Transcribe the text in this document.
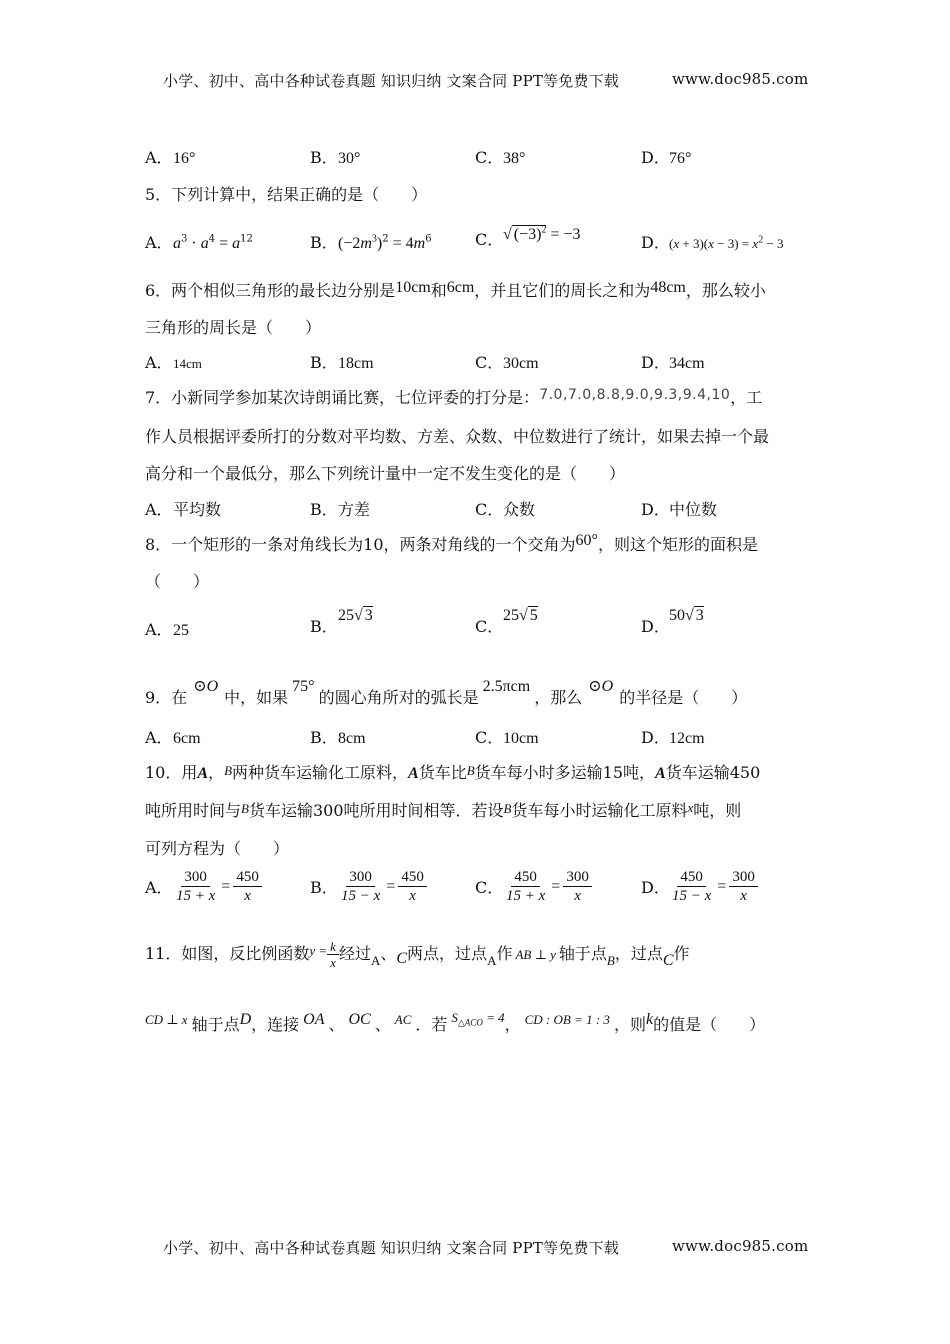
小学、初中、高中各种试卷真题 知识归纳 文案合同 PPT等免费下载	www.doc985.com
A．16°	B．30°	C．38°	D．76°
5．下列计算中，结果正确的是（　　）
A．$a^3 \cdot a^4 = a^{12}$	B．$(-2m^3)^2 = 4m^6$	C．√ $(-3)^2 = -3$	D．$(x + 3)(x - 3) = x^2 - 3$
6．两个相似三角形的最长边分别是10cm和6cm，并且它们的周长之和为48cm，那么较小
三角形的周长是（　　）
A．14cm	B．18cm	C．30cm	D．34cm
7．小新同学参加某次诗朗诵比赛，七位评委的打分是：7.0,7.0,8.8,9.0,9.3,9.4,10，工
作人员根据评委所打的分数对平均数、方差、众数、中位数进行了统计，如果去掉一个最
高分和一个最低分，那么下列统计量中一定不发生变化的是（　　）
A．平均数	B．方差	C．众数	D．中位数
8．一个矩形的一条对角线长为10，两条对角线的一个交角为60°，则这个矩形的面积是
（　　）
A．25	B．25√ 3
C．25√ 5
D．50√ 3
9．在⊙O中，如果75°的圆心角所对的弧长是2.5πcm，那么⊙O的半径是（　　）
A．6cm	B．8cm	C．10cm	D．12cm
10．用A，B两种货车运输化工原料，A货车比B货车每小时多运输15吨，A货车运输450
吨所用时间与B货车运输300吨所用时间相等．若设B货车每小时运输化工原料$^x$吨，则
可列方程为（　　）
A． $\frac{300}{15 + x} = \frac{450}{x}$	B． $\frac{300}{15 - x} = \frac{450}{x}$	C． $\frac{450}{15 + x} = \frac{300}{x}$	D． $\frac{450}{15 - x} = \frac{300}{x}$
11．如图，反比例函数$^{y =} \frac{k}{x}$ 经过$_A$、C两点，过点$_A$作 AB ⊥ y 轴于点$_B$，过点C作
$^{CD \perp x}$ 轴于点D，连接 OA 、 OC 、 $^{AC}$ ．若 $^{S_{\triangle ACO} = 4}$， $^{CD : OB = 1 : 3}$ ，则k的值是（　　）
小学、初中、高中各种试卷真题 知识归纳 文案合同 PPT等免费下载	www.doc985.com
